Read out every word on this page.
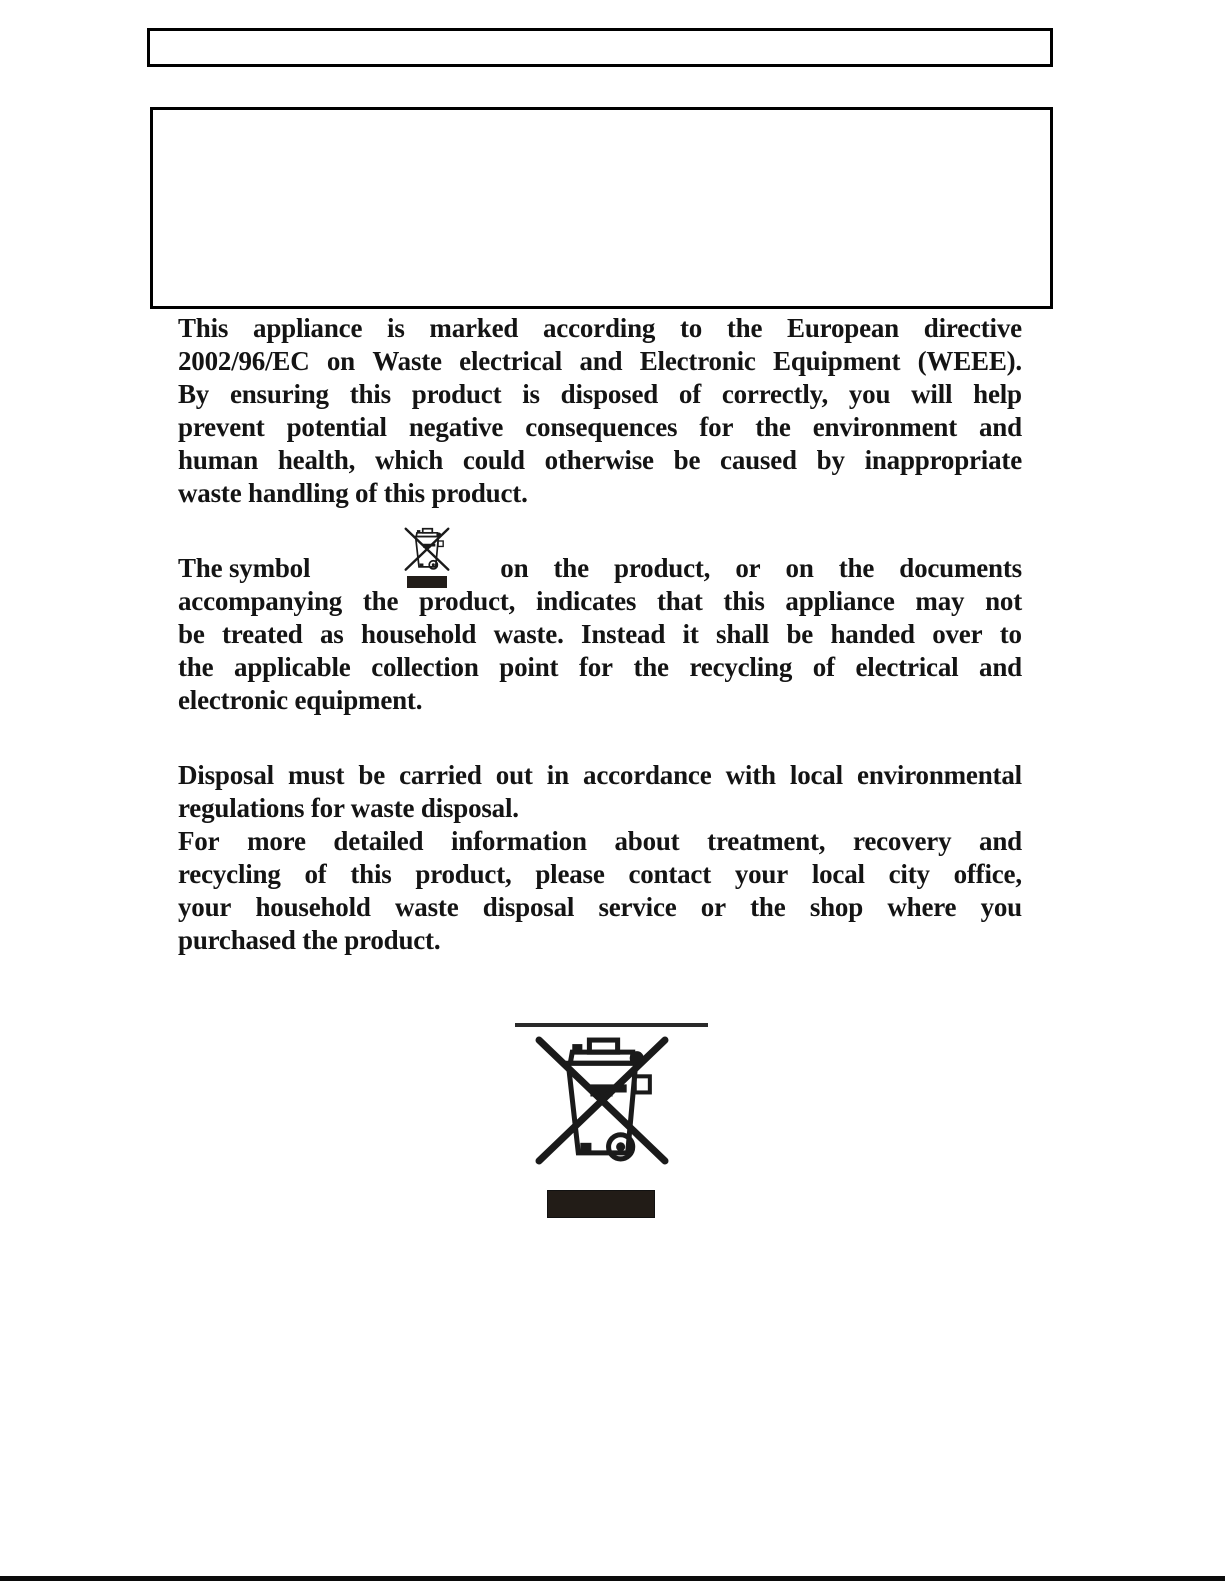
This appliance is marked according to the European directive
2002/96/EC on Waste electrical and Electronic Equipment (WEEE).
By ensuring this product is disposed of correctly, you will help
prevent potential negative consequences for the environment and
human health, which could otherwise be caused by inappropriate
waste handling of this product.
The symbol	on the product, or on the documents
accompanying the product, indicates that this appliance may not
be treated as household waste. Instead it shall be handed over to
the applicable collection point for the recycling of electrical and
electronic equipment.
Disposal must be carried out in accordance with local environmental
regulations for waste disposal.
For more detailed information about treatment, recovery and
recycling of this product, please contact your local city office,
your household waste disposal service or the shop where you
purchased the product.
